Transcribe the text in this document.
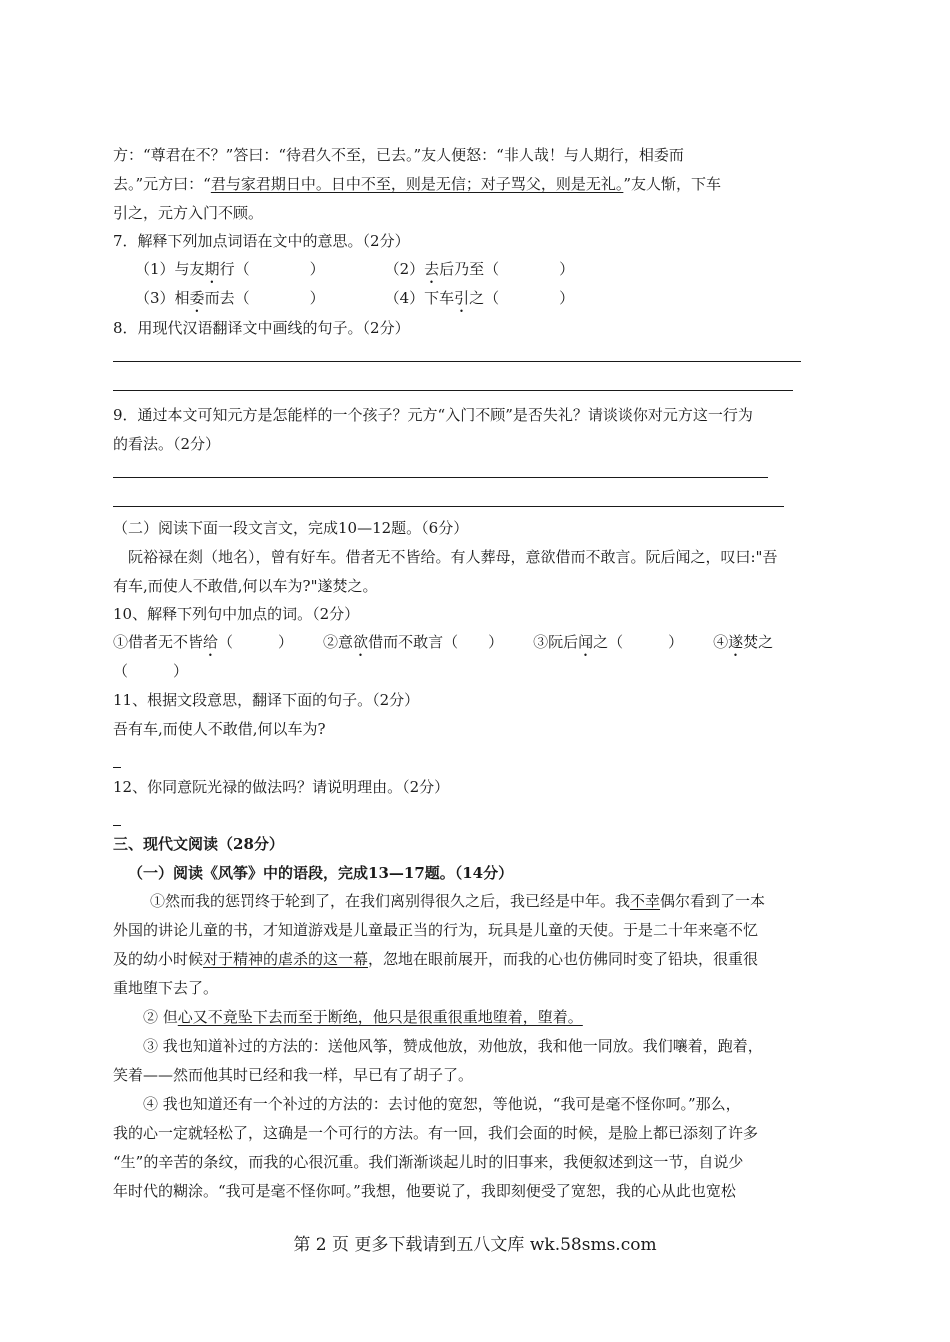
方：“尊君在不？”答曰：“待君久不至，已去。”友人便怒：“非人哉！与人期行，相委而
去。”元方曰：“君与家君期日中。日中不至，则是无信；对子骂父，则是无礼。”友人惭，下车
引之，元方入门不顾。
7．解释下列加点词语在文中的意思。（2分）
（1）与友期行（　　　　）	（2）去后乃至（　　　　）
（3）相委而去（　　　　）	（4）下车引之（　　　　）
8．用现代汉语翻译文中画线的句子。（2分）
9．通过本文可知元方是怎能样的一个孩子？元方“入门不顾”是否失礼？请谈谈你对元方这一行为
的看法。（2分）
（二）阅读下面一段文言文，完成10—12题。（6分）
阮裕禄在剡（地名），曾有好车。借者无不皆给。有人葬母，意欲借而不敢言。阮后闻之，叹曰:"吾
有车,而使人不敢借,何以车为?"遂焚之。
10、解释下列句中加点的词。（2分）
①借者无不皆给（　　　） ②意欲借而不敢言（　　） ③阮后闻之（　　　） ④遂焚之
（　　　）
11、根据文段意思，翻译下面的句子。（2分）
吾有车,而使人不敢借,何以车为?
12、你同意阮光禄的做法吗？请说明理由。（2分）
三、现代文阅读（28分）
（一）阅读《风筝》中的语段，完成13—17题。（14分）
①然而我的惩罚终于轮到了，在我们离别得很久之后，我已经是中年。我不幸偶尔看到了一本
外国的讲论儿童的书，才知道游戏是儿童最正当的行为，玩具是儿童的天使。于是二十年来毫不忆
及的幼小时候对于精神的虐杀的这一幕，忽地在眼前展开，而我的心也仿佛同时变了铅块，很重很
重地堕下去了。
② 但心又不竟坠下去而至于断绝，他只是很重很重地堕着，堕着。
③ 我也知道补过的方法的：送他风筝，赞成他放，劝他放，我和他一同放。我们嚷着，跑着，
笑着——然而他其时已经和我一样，早已有了胡子了。
④ 我也知道还有一个补过的方法的：去讨他的宽恕，等他说，“我可是毫不怪你呵。”那么，
我的心一定就轻松了，这确是一个可行的方法。有一回，我们会面的时候，是脸上都已添刻了许多
“生”的辛苦的条纹，而我的心很沉重。我们渐渐谈起儿时的旧事来，我便叙述到这一节，自说少
年时代的糊涂。“我可是毫不怪你呵。”我想，他要说了，我即刻便受了宽恕，我的心从此也宽松
第 2 页 更多下载请到五八文库 wk.58sms.com
